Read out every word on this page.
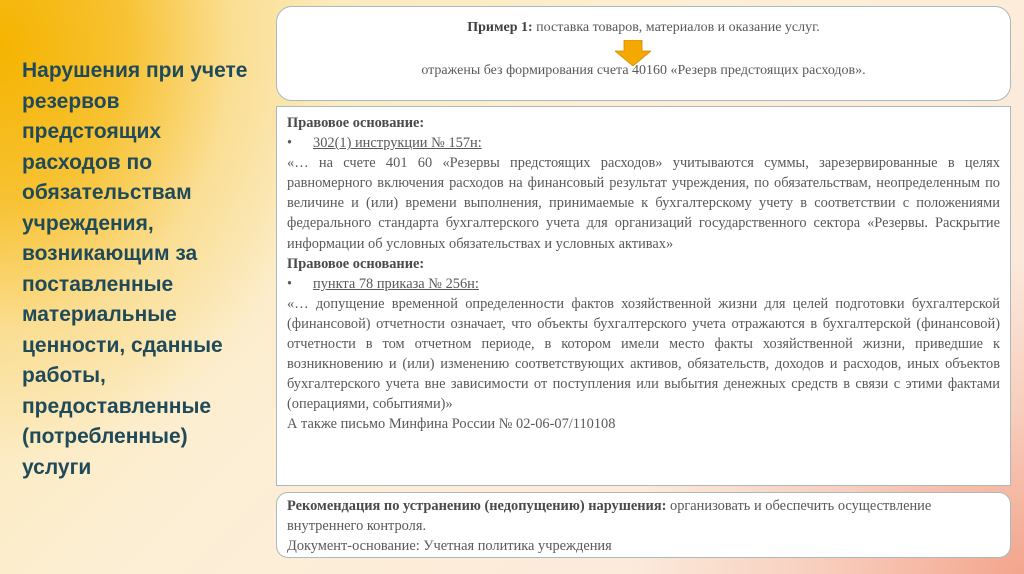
Нарушения при учете резервов предстоящих расходов по обязательствам учреждения, возникающим за поставленные материальные ценности, сданные работы, предоставленные (потребленные) услуги
Пример 1: поставка товаров, материалов и оказание услуг.
отражены без формирования счета 40160 «Резерв предстоящих расходов».

Правовое основание:

• 302(1) инструкции № 157н:

«… на счете 401 60 «Резервы предстоящих расходов» учитываются суммы, зарезервированные в целях равномерного включения расходов на финансовый результат учреждения, по обязательствам, неопределенным по величине и (или) времени выполнения, принимаемые к бухгалтерскому учету в соответствии с положениями федерального стандарта бухгалтерского учета для организаций государственного сектора «Резервы. Раскрытие информации об условных обязательствах и условных активах»

Правовое основание:

• пункта 78 приказа № 256н:

«… допущение временной определенности фактов хозяйственной жизни для целей подготовки бухгалтерской (финансовой) отчетности означает, что объекты бухгалтерского учета отражаются в бухгалтерской (финансовой) отчетности в том отчетном периоде, в котором имели место факты хозяйственной жизни, приведшие к возникновению и (или) изменению соответствующих активов, обязательств, доходов и расходов, иных объектов бухгалтерского учета вне зависимости от поступления или выбытия денежных средств в связи с этими фактами (операциями, событиями)»

А также письмо Минфина России № 02-06-07/110108

Рекомендация по устранению (недопущению) нарушения: организовать и обеспечить осуществление внутреннего контроля.

Документ-основание: Учетная политика учреждения
